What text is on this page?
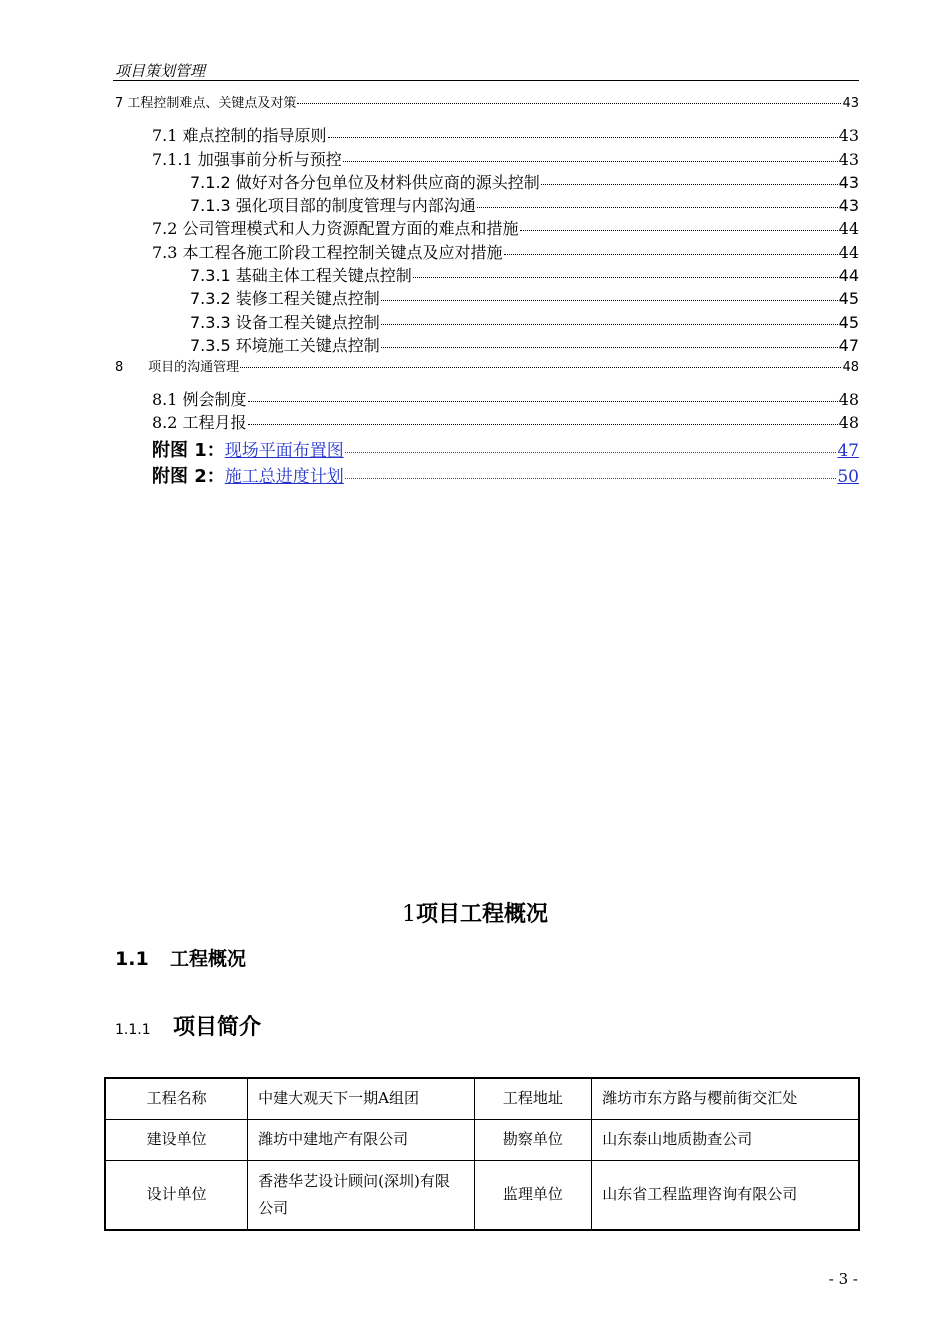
项目策划管理
7 工程控制难点、关键点及对策	43
7.1 难点控制的指导原则	43
7.1.1 加强事前分析与预控	43
7.1.2 做好对各分包单位及材料供应商的源头控制	43
7.1.3 强化项目部的制度管理与内部沟通	43
7.2 公司管理模式和人力资源配置方面的难点和措施	44
7.3 本工程各施工阶段工程控制关键点及应对措施	44
7.3.1 基础主体工程关键点控制	44
7.3.2 装修工程关键点控制	45
7.3.3 设备工程关键点控制	45
7.3.5 环境施工关键点控制	47
8      项目的沟通管理	48
8.1 例会制度	48
8.2 工程月报	48
附图 1： 现场平面布置图	47
附图 2： 施工总进度计划	50
1项目工程概况
1.1 工程概况
1.1.1 项目简介
工程名称	中建大观天下一期A组团	工程地址	潍坊市东方路与樱前街交汇处
建设单位	潍坊中建地产有限公司	勘察单位	山东泰山地质勘查公司
设计单位	香港华艺设计顾问(深圳)有限公司	监理单位	山东省工程监理咨询有限公司
- 3 -
